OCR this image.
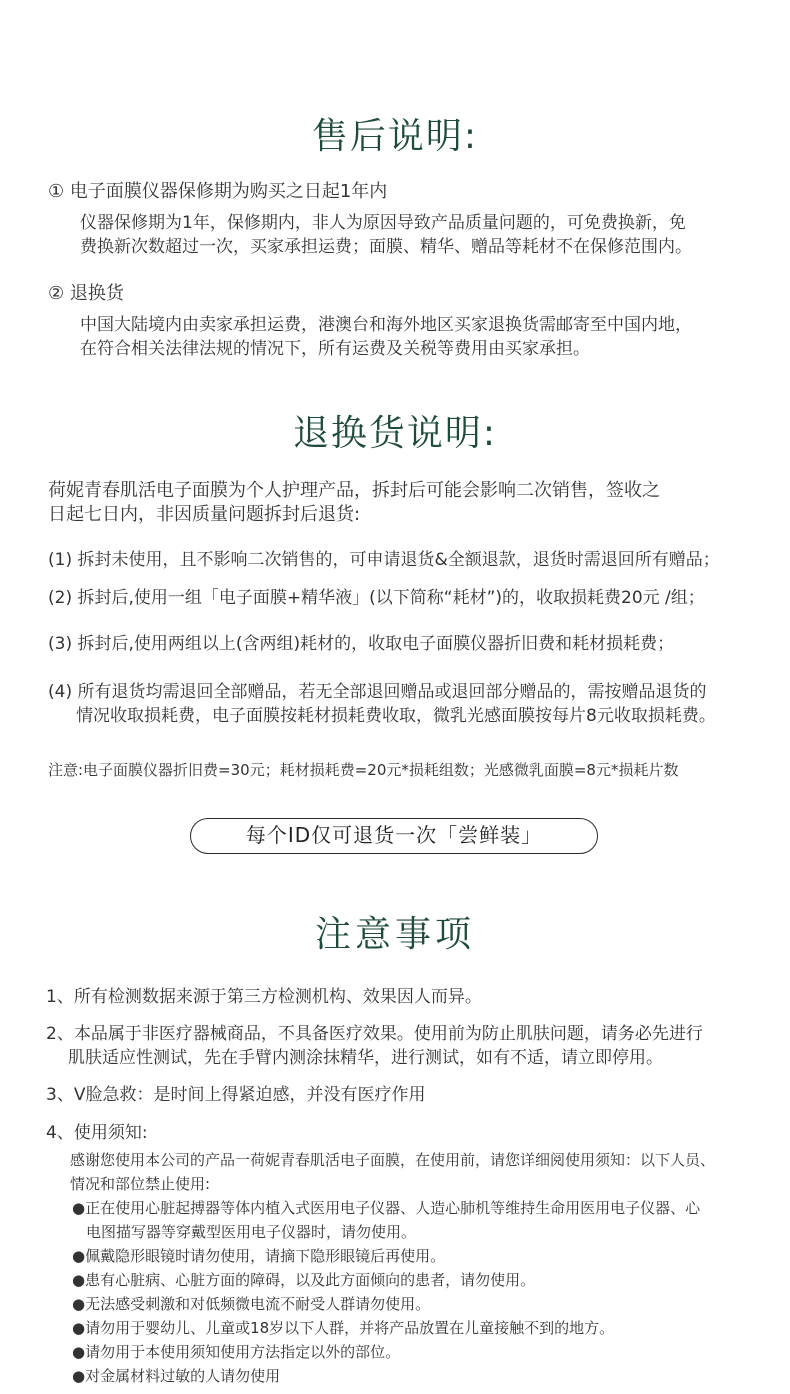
售后说明:
① 电子面膜仪器保修期为购买之日起1年内
仪器保修期为1年，保修期内，非人为原因导致产品质量问题的，可免费换新，免
费换新次数超过一次，买家承担运费；面膜、精华、赠品等耗材不在保修范围内。
② 退换货
中国大陆境内由卖家承担运费，港澳台和海外地区买家退换货需邮寄至中国内地，
在符合相关法律法规的情况下，所有运费及关税等费用由买家承担。
退换货说明:
荷妮青春肌活电子面膜为个人护理产品，拆封后可能会影响二次销售，签收之
日起七日内，非因质量问题拆封后退货:
(1) 拆封未使用，且不影响二次销售的，可申请退货&全额退款，退货时需退回所有赠品；
(2) 拆封后,使用一组「电子面膜+精华液」(以下简称“耗材”)的，收取损耗费20元 /组；
(3) 拆封后,使用两组以上(含两组)耗材的，收取电子面膜仪器折旧费和耗材损耗费；
(4) 所有退货均需退回全部赠品，若无全部退回赠品或退回部分赠品的，需按赠品退货的
情况收取损耗费，电子面膜按耗材损耗费收取，微乳光感面膜按每片8元收取损耗费。
注意:电子面膜仪器折旧费=30元；耗材损耗费=20元*损耗组数；光感微乳面膜=8元*损耗片数
每个ID仅可退货一次「尝鲜装」
注意事项
1、所有检测数据来源于第三方检测机构、效果因人而异。
2、本品属于非医疗器械商品，不具备医疗效果。使用前为防止肌肤问题，请务必先进行
肌肤适应性测试，先在手臂内测涂抹精华，进行测试，如有不适，请立即停用。
3、V脸急救：是时间上得紧迫感，并没有医疗作用
4、使用须知:
感谢您使用本公司的产品一荷妮青春肌活电子面膜，在使用前，请您详细阅使用须知：以下人员、
情况和部位禁止使用:
●正在使用心脏起搏器等体内植入式医用电子仪器、人造心肺机等维持生命用医用电子仪器、心
电图描写器等穿戴型医用电子仪器时，请勿使用。
●佩戴隐形眼镜时请勿使用，请摘下隐形眼镜后再使用。
●患有心脏病、心脏方面的障碍，以及此方面倾向的患者，请勿使用。
●无法感受刺激和对低频微电流不耐受人群请勿使用。
●请勿用于婴幼儿、儿童或18岁以下人群，并将产品放置在儿童接触不到的地方。
●请勿用于本使用须知使用方法指定以外的部位。
●对金属材料过敏的人请勿使用
